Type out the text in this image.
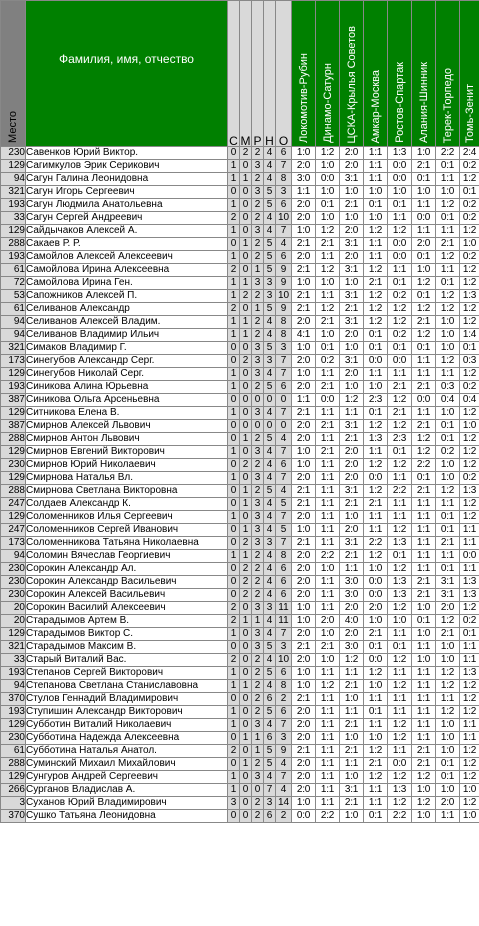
Место	Фамилия, имя, отчество	С	М	Р	Н	О	Локомотив-Рубин	Динамо-Сатурн	ЦСКА-Крылья Советов	Амкар-Москва	Ростов-Спартак	Алания-Шинник	Терек-Торпедо	Томь-Зенит
230	Савенков Юрий Виктор.	0	2	2	4	6	1:0	1:2	2:0	1:1	1:3	1:0	2:2	2:4
129	Сагимкулов Эрик Серикович	1	0	3	4	7	2:0	1:0	2:0	1:1	0:0	2:1	0:1	0:2
94	Сагун Галина Леонидовна	1	1	2	4	8	3:0	0:0	3:1	1:1	0:0	0:1	1:1	1:2
321	Сагун Игорь Сергеевич	0	0	3	5	3	1:1	1:0	1:0	1:0	1:0	1:0	1:0	0:1
193	Сагун Людмила Анатольевна	1	0	2	5	6	2:0	0:1	2:1	0:1	0:1	1:1	1:2	0:2
33	Сагун Сергей Андреевич	2	0	2	4	10	2:0	1:0	1:0	1:0	1:1	0:0	0:1	0:2
129	Сайдычаков Алексей А.	1	0	3	4	7	1:0	1:2	2:0	1:2	1:2	1:1	1:1	1:2
288	Сакаев Р. Р.	0	1	2	5	4	2:1	2:1	3:1	1:1	0:0	2:0	2:1	1:0
193	Самойлов Алексей Алексеевич	1	0	2	5	6	2:0	1:1	2:0	1:1	0:0	0:1	1:2	0:2
61	Самойлова Ирина Алексеевна	2	0	1	5	9	2:1	1:2	3:1	1:2	1:1	1:0	1:1	1:2
72	Самойлова Ирина Ген.	1	1	3	3	9	1:0	1:0	1:0	2:1	0:1	1:2	0:1	1:2
53	Сапожников Алексей П.	1	2	2	3	10	2:1	1:1	3:1	1:2	0:2	0:1	1:2	1:3
61	Селиванов Александр	2	0	1	5	9	2:1	1:2	2:1	1:2	1:2	1:2	1:2	1:2
94	Селиванов Алексей Владим.	1	1	2	4	8	2:0	2:1	3:1	1:2	1:2	2:1	1:0	1:2
94	Селиванов Владимир Ильич	1	1	2	4	8	4:1	1:0	2:0	0:1	0:2	1:2	1:0	1:4
321	Симаков Владимир Г.	0	0	3	5	3	1:0	0:1	1:0	0:1	0:1	0:1	1:0	0:1
173	Синегубов Александр Серг.	0	2	3	3	7	2:0	0:2	3:1	0:0	0:0	1:1	1:2	0:3
129	Синегубов Николай Серг.	1	0	3	4	7	1:0	1:1	2:0	1:1	1:1	1:1	1:1	1:2
193	Синикова Алина Юрьевна	1	0	2	5	6	2:0	2:1	1:0	1:0	2:1	2:1	0:3	0:2
387	Синикова Ольга Арсеньевна	0	0	0	0	0	1:1	0:0	1:2	2:3	1:2	0:0	0:4	0:4
129	Ситникова Елена В.	1	0	3	4	7	2:1	1:1	1:1	0:1	2:1	1:1	1:0	1:2
387	Смирнов Алексей Львович	0	0	0	0	0	2:0	2:1	3:1	1:2	1:2	2:1	0:1	1:0
288	Смирнов Антон Львович	0	1	2	5	4	2:0	1:1	2:1	1:3	2:3	1:2	0:1	1:2
129	Смирнов Евгений Викторович	1	0	3	4	7	1:0	2:1	2:0	1:1	0:1	1:2	0:2	1:2
230	Смирнов Юрий Николаевич	0	2	2	4	6	1:0	1:1	2:0	1:2	1:2	2:2	1:0	1:2
129	Смирнова Наталья Вл.	1	0	3	4	7	2:0	1:1	2:0	0:0	1:1	0:1	1:0	0:2
288	Смирнова Светлана Викторовна	0	1	2	5	4	2:1	1:1	3:1	1:2	2:2	2:1	1:2	1:3
247	Солдаев Александр К.	0	1	3	4	5	2:1	1:1	2:1	2:1	1:1	1:1	1:1	1:2
129	Соломенников Илья Сергеевич	1	0	3	4	7	2:0	1:1	1:0	1:1	1:1	1:1	0:1	1:2
247	Соломенников Сергей Иванович	0	1	3	4	5	1:0	1:1	2:0	1:1	1:2	1:1	0:1	1:1
173	Соломенникова Татьяна Николаевна	0	2	3	3	7	2:1	1:1	3:1	2:2	1:3	1:1	2:1	1:1
94	Соломин Вячеслав Георгиевич	1	1	2	4	8	2:0	2:2	2:1	1:2	0:1	1:1	1:1	0:0
230	Сорокин Александр Ал.	0	2	2	4	6	2:0	1:0	1:1	1:0	1:2	1:1	0:1	1:1
230	Сорокин Александр Васильевич	0	2	2	4	6	2:0	1:1	3:0	0:0	1:3	2:1	3:1	1:3
230	Сорокин Алексей Васильевич	0	2	2	4	6	2:0	1:1	3:0	0:0	1:3	2:1	3:1	1:3
20	Сорокин Василий Алексеевич	2	0	3	3	11	1:0	1:1	2:0	2:0	1:2	1:0	2:0	1:2
20	Старадымов Артем В.	2	1	1	4	11	1:0	2:0	4:0	1:0	1:0	0:1	1:2	0:2
129	Старадымов Виктор С.	1	0	3	4	7	2:0	1:0	2:0	2:1	1:1	1:0	2:1	0:1
321	Старадымов Максим В.	0	0	3	5	3	2:1	2:1	3:0	0:1	0:1	1:1	1:0	1:1
33	Старый Виталий Вас.	2	0	2	4	10	2:0	1:0	1:2	0:0	1:2	1:0	1:0	1:1
193	Степанов Сергей Викторович	1	0	2	5	6	1:0	1:1	1:1	1:2	1:1	1:1	1:2	1:3
94	Степанова Светлана Станиславовна	1	1	2	4	8	1:0	1:2	2:1	1:0	1:2	1:1	1:2	1:2
370	Стулов Геннадий Владимирович	0	0	2	6	2	2:1	1:1	1:0	1:1	1:1	1:1	1:1	1:2
193	Ступишин Александр Викторович	1	0	2	5	6	2:0	1:1	1:1	0:1	1:1	1:1	1:2	1:2
129	Субботин Виталий Николаевич	1	0	3	4	7	2:0	1:1	2:1	1:1	1:2	1:1	1:0	1:1
230	Субботина Надежда Алексеевна	0	1	1	6	3	2:0	1:1	1:0	1:0	1:2	1:1	1:0	1:1
61	Субботина Наталья Анатол.	2	0	1	5	9	2:1	1:1	2:1	1:2	1:1	2:1	1:0	1:2
288	Суминский Михаил Михайлович	0	1	2	5	4	2:0	1:1	1:1	2:1	0:0	2:1	0:1	1:2
129	Сунгуров Андрей Сергеевич	1	0	3	4	7	2:0	1:1	1:0	1:2	1:2	1:2	0:1	1:2
266	Сурганов Владислав А.	1	0	0	7	4	2:0	1:1	3:1	1:1	1:3	1:0	1:0	1:0
3	Суханов Юрий Владимирович	3	0	2	3	14	1:0	1:1	2:1	1:1	1:2	1:2	2:0	1:2
370	Сушко Татьяна Леонидовна	0	0	2	6	2	0:0	2:2	1:0	0:1	2:2	1:0	1:1	1:0
